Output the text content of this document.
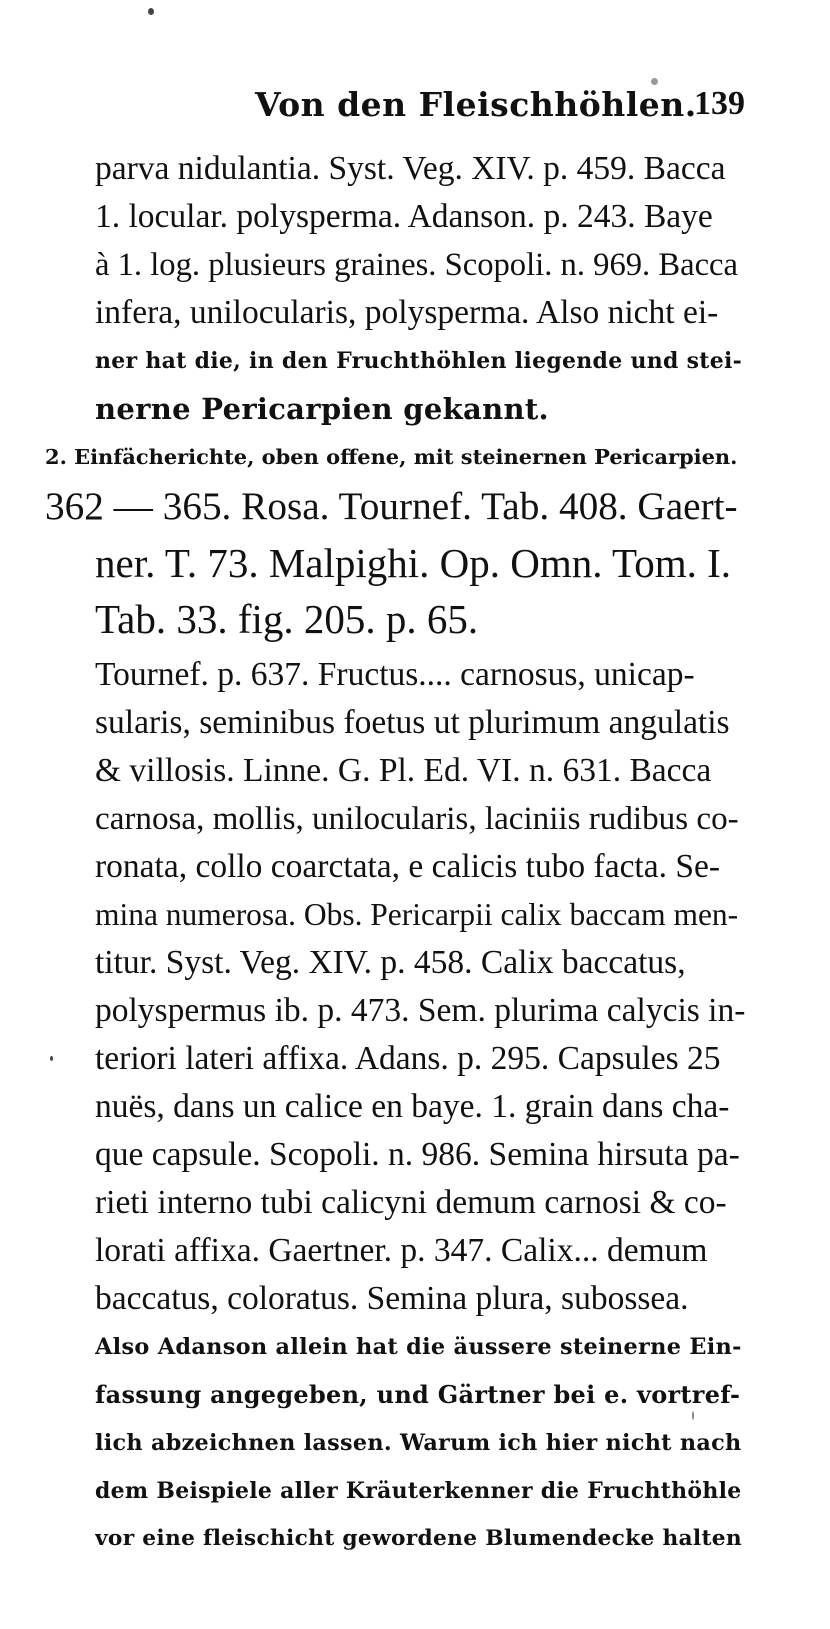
Von den Fleischhöhlen.
139
parva nidulantia. Syst. Veg. XIV. p. 459. Bacca
1. locular. polysperma. Adanson. p. 243. Baye
à 1. log. plusieurs graines. Scopoli. n. 969. Bacca
infera, unilocularis, polysperma. Also nicht ei-
ner hat die, in den Fruchthöhlen liegende und stei-
nerne Pericarpien gekannt.
2. Einfächerichte, oben offene, mit steinernen Pericarpien.
362 — 365. Rosa. Tournef. Tab. 408. Gaert-
ner. T. 73. Malpighi. Op. Omn. Tom. I.
Tab. 33. fig. 205. p. 65.
Tournef. p. 637. Fructus.... carnosus, unicap-
sularis, seminibus foetus ut plurimum angulatis
& villosis. Linne. G. Pl. Ed. VI. n. 631. Bacca
carnosa, mollis, unilocularis, laciniis rudibus co-
ronata, collo coarctata, e calicis tubo facta. Se-
mina numerosa. Obs. Pericarpii calix baccam men-
titur. Syst. Veg. XIV. p. 458. Calix baccatus,
polyspermus ib. p. 473. Sem. plurima calycis in-
teriori lateri affixa. Adans. p. 295. Capsules 25
nuës, dans un calice en baye. 1. grain dans cha-
que capsule. Scopoli. n. 986. Semina hirsuta pa-
rieti interno tubi calicyni demum carnosi & co-
lorati affixa. Gaertner. p. 347. Calix... demum
baccatus, coloratus. Semina plura, subossea.
Also Adanson allein hat die äussere steinerne Ein-
fassung angegeben, und Gärtner bei e. vortref-
lich abzeichnen lassen. Warum ich hier nicht nach
dem Beispiele aller Kräuterkenner die Fruchthöhle
vor eine fleischicht gewordene Blumendecke halten
